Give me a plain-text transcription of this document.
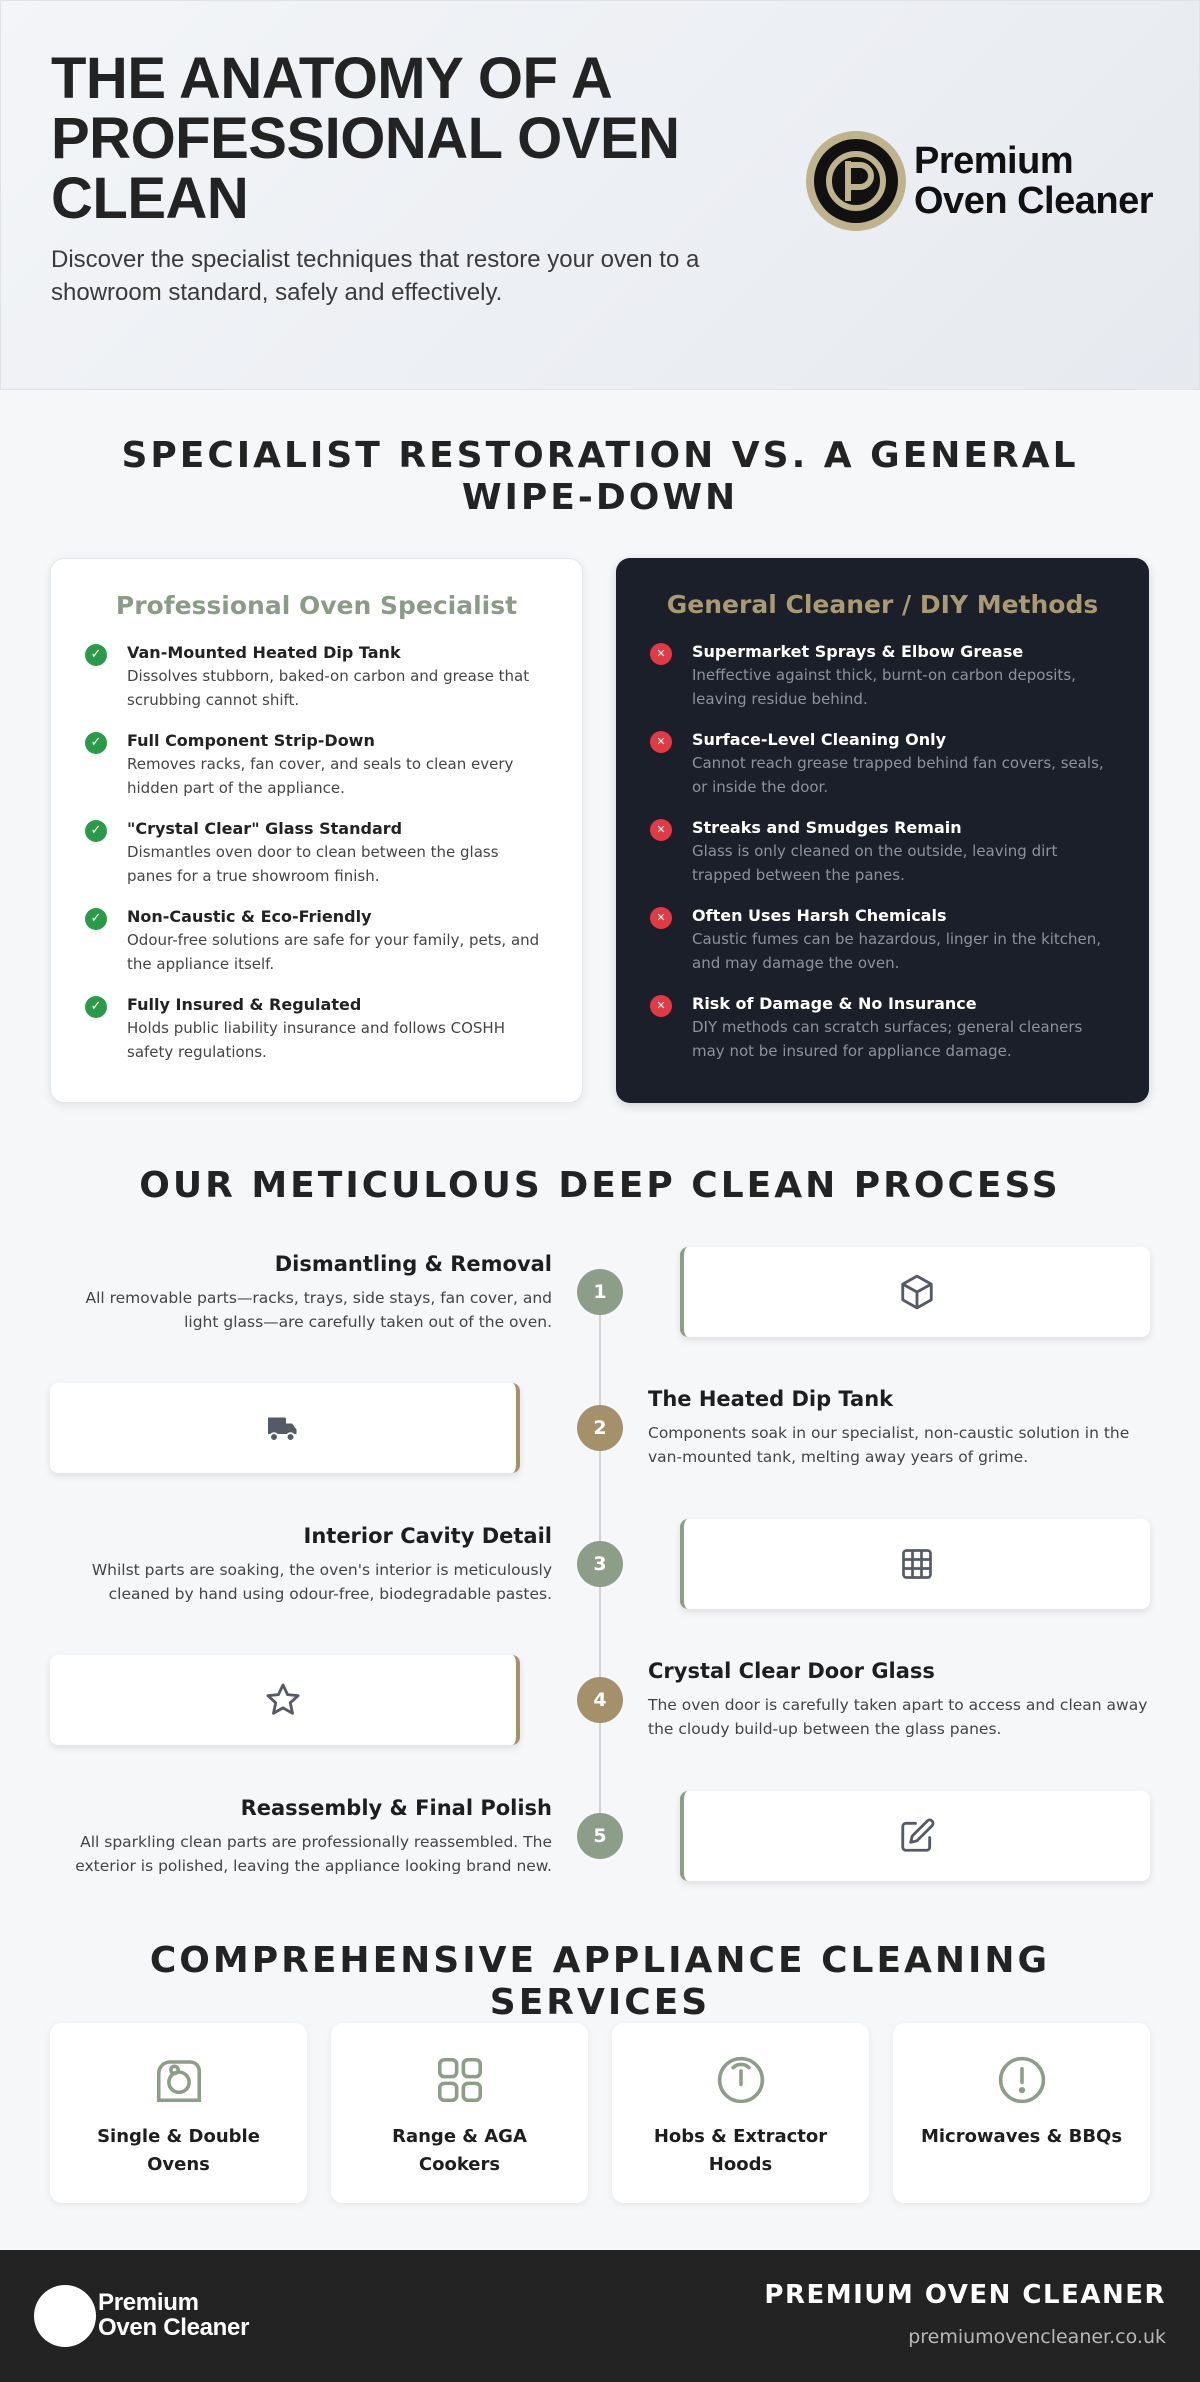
THE ANATOMY OF A PROFESSIONAL OVEN CLEAN

Discover the specialist techniques that restore your oven to a showroom standard, safely and effectively.

Premium
Oven Cleaner
SPECIALIST RESTORATION VS. A GENERAL WIPE-DOWN
Professional Oven Specialist
✓	Van-Mounted Heated Dip Tank
Dissolves stubborn, baked-on carbon and grease that scrubbing cannot shift.
✓	Full Component Strip-Down
Removes racks, fan cover, and seals to clean every hidden part of the appliance.
✓	"Crystal Clear" Glass Standard
Dismantles oven door to clean between the glass panes for a true showroom finish.
✓	Non-Caustic & Eco-Friendly
Odour-free solutions are safe for your family, pets, and the appliance itself.
✓	Fully Insured & Regulated
Holds public liability insurance and follows COSHH safety regulations.
General Cleaner / DIY Methods
✕	Supermarket Sprays & Elbow Grease
Ineffective against thick, burnt-on carbon deposits, leaving residue behind.
✕	Surface-Level Cleaning Only
Cannot reach grease trapped behind fan covers, seals, or inside the door.
✕	Streaks and Smudges Remain
Glass is only cleaned on the outside, leaving dirt trapped between the panes.
✕	Often Uses Harsh Chemicals
Caustic fumes can be hazardous, linger in the kitchen, and may damage the oven.
✕	Risk of Damage & No Insurance
DIY methods can scratch surfaces; general cleaners may not be insured for appliance damage.
OUR METICULOUS DEEP CLEAN PROCESS
Dismantling & Removal
All removable parts—racks, trays, side stays, fan cover, and light glass—are carefully taken out of the oven.
1
2
The Heated Dip Tank
Components soak in our specialist, non-caustic solution in the van-mounted tank, melting away years of grime.
Interior Cavity Detail
Whilst parts are soaking, the oven's interior is meticulously cleaned by hand using odour-free, biodegradable pastes.
3
4
Crystal Clear Door Glass
The oven door is carefully taken apart to access and clean away the cloudy build-up between the glass panes.
Reassembly & Final Polish
All sparkling clean parts are professionally reassembled. The exterior is polished, leaving the appliance looking brand new.
5
COMPREHENSIVE APPLIANCE CLEANING SERVICES
Single & Double Ovens
Range & AGA Cookers
Hobs & Extractor Hoods
Microwaves & BBQs
Premium
Oven Cleaner
PREMIUM OVEN CLEANER
premiumovencleaner.co.uk
